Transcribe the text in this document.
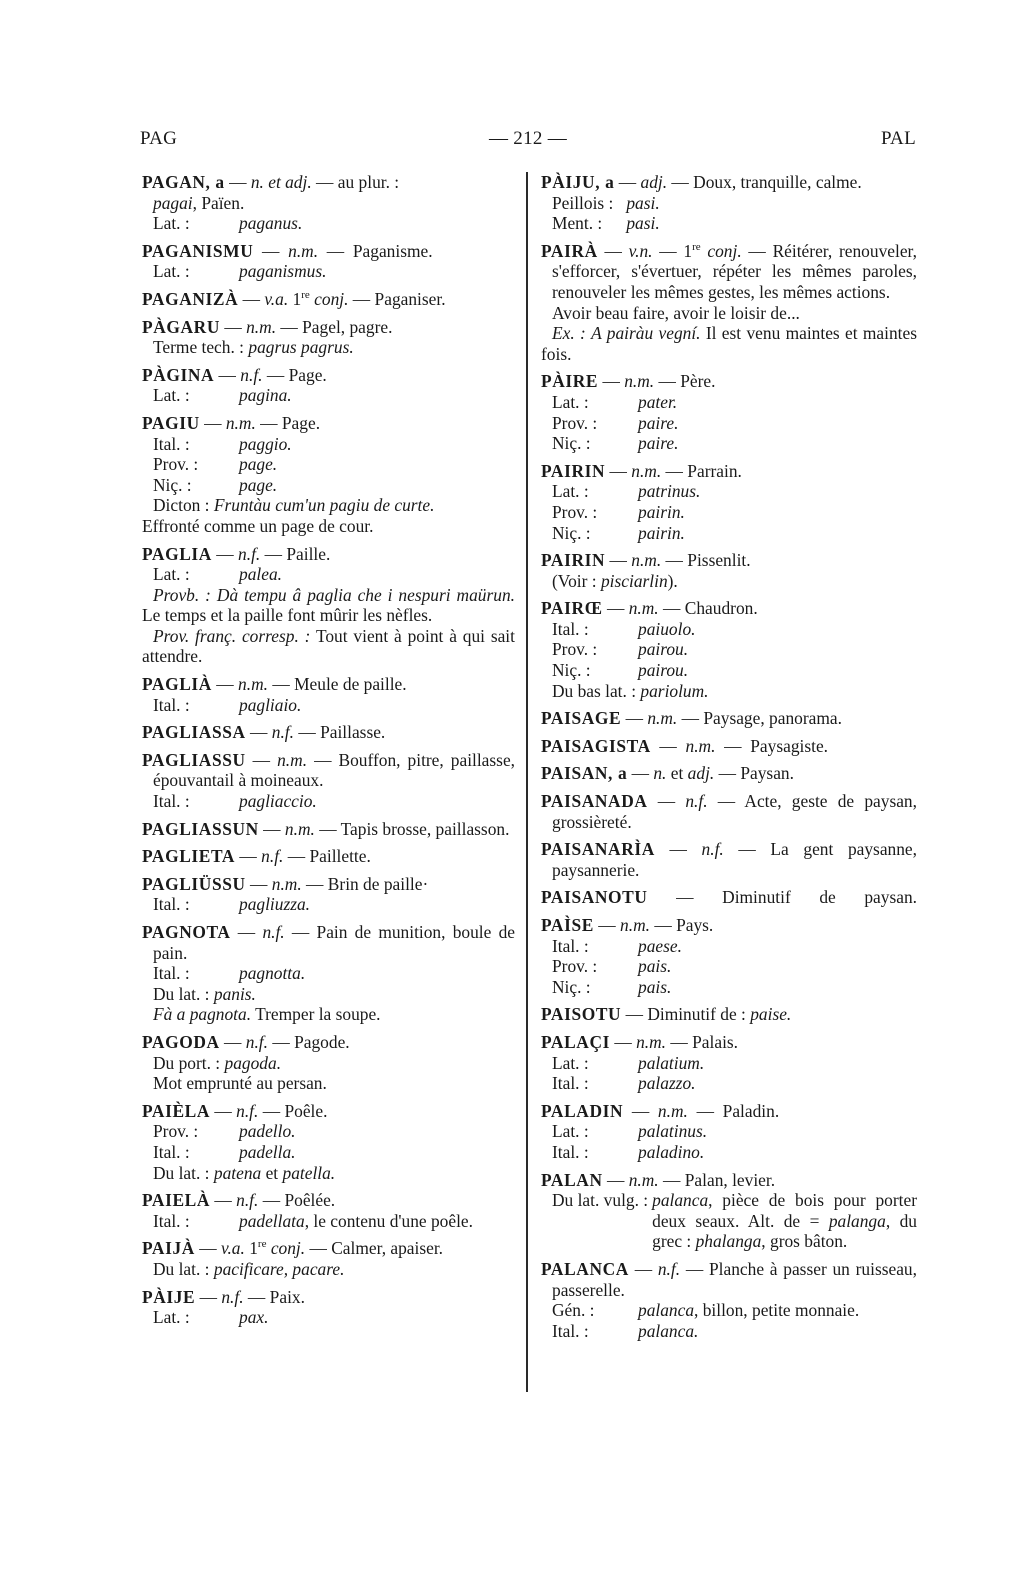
PAG	— 212 —	PAL
PAGAN, a — n. et adj. — au plur. :
pagai, Païen.
Lat. :	paganus.
PAGANISMU  —  n.m.  —  Paganisme.
Lat. :	paganismus.
PAGANIZÀ — v.a. 1re conj. — Paganiser.
PÀGARU — n.m. — Pagel, pagre.
Terme tech. : pagrus pagrus.
PÀGINA — n.f. — Page.
Lat. :	pagina.
PAGIU — n.m. — Page.
Ital. :	paggio.
Prov. : page.
Niç. :	page.
Dicton : Fruntàu cum'un pagiu de curte.
Effronté comme un page de cour.
PAGLIA — n.f. — Paille.
Lat. :	palea.
Provb. : Dà tempu â paglia che i nespuri maürun. Le temps et la paille font mûrir les nèfles.
Prov. franç. corresp. : Tout vient à point à qui sait attendre.
PAGLIÀ — n.m. — Meule de paille.
Ital. :	pagliaio.
PAGLIASSA — n.f. — Paillasse.
PAGLIASSU — n.m. — Bouffon, pitre, paillasse, épouvantail à moineaux.
Ital. :	pagliaccio.
PAGLIASSUN — n.m. — Tapis brosse, paillasson.
PAGLIETA — n.f. — Paillette.
PAGLIÜSSU — n.m. — Brin de paille·
Ital. :	pagliuzza.
PAGNOTA — n.f. — Pain de munition, boule de pain.
Ital. :	pagnotta.
Du lat. : panis.
Fà a pagnota. Tremper la soupe.
PAGODA — n.f. — Pagode.
Du port. : pagoda.
Mot emprunté au persan.
PAIÈLA — n.f. — Poêle.
Prov. : padello.
Ital. :	padella.
Du lat. : patena et patella.
PAIELÀ — n.f. — Poêlée.
Ital. :	padellata, le contenu d'une poêle.
PAIJÀ — v.a. 1re conj. — Calmer, apaiser.
Du lat. : pacificare, pacare.
PÀIJE — n.f. — Paix.
Lat. :	pax.
PÀIJU, a — adj. — Doux, tranquille, calme.
Peillois : pasi.
Ment. : pasi.
PAIRÀ — v.n. — 1re conj. — Réitérer, renouveler, s'efforcer, s'évertuer, répéter les mêmes paroles, renouveler les mêmes gestes, les mêmes actions.
Avoir beau faire, avoir le loisir de...
Ex. : A pairàu vegní. Il est venu maintes et maintes fois.
PÀIRE — n.m. — Père.
Lat. :	pater.
Prov. : paire.
Niç. :	paire.
PAIRIN — n.m. — Parrain.
Lat. :	patrinus.
Prov. : pairin.
Niç. :	pairin.
PAIRIN — n.m. — Pissenlit.
(Voir : pisciarlin).
PAIRŒ — n.m. — Chaudron.
Ital. :	paiuolo.
Prov. : pairou.
Niç. :	pairou.
Du bas lat. : pariolum.
PAISAGE — n.m. — Paysage, panorama.
PAISAGISTA  —  n.m.  —  Paysagiste.
PAISAN, a — n. et adj. — Paysan.
PAISANADA — n.f. — Acte, geste de paysan, grossièreté.
PAISANARÌA — n.f. — La gent paysanne, paysannerie.
PAISANOTU — Diminutif de paysan.
PAÌSE — n.m. — Pays.
Ital. :	paese.
Prov. : pais.
Niç. :	pais.
PAISOTU — Diminutif de : paise.
PALAÇI — n.m. — Palais.
Lat. :	palatium.
Ital. :	palazzo.
PALADIN  —  n.m.  —  Paladin.
Lat. :	palatinus.
Ital. :	paladino.
PALAN — n.m. — Palan, levier.
Du lat. vulg. : palanca, pièce de bois pour porter deux seaux. Alt. de = palanga, du grec : phalanga, gros bâton.
PALANCA — n.f. — Planche à passer un ruisseau, passerelle.
Gén. : palanca, billon, petite monnaie.
Ital. :	palanca.
